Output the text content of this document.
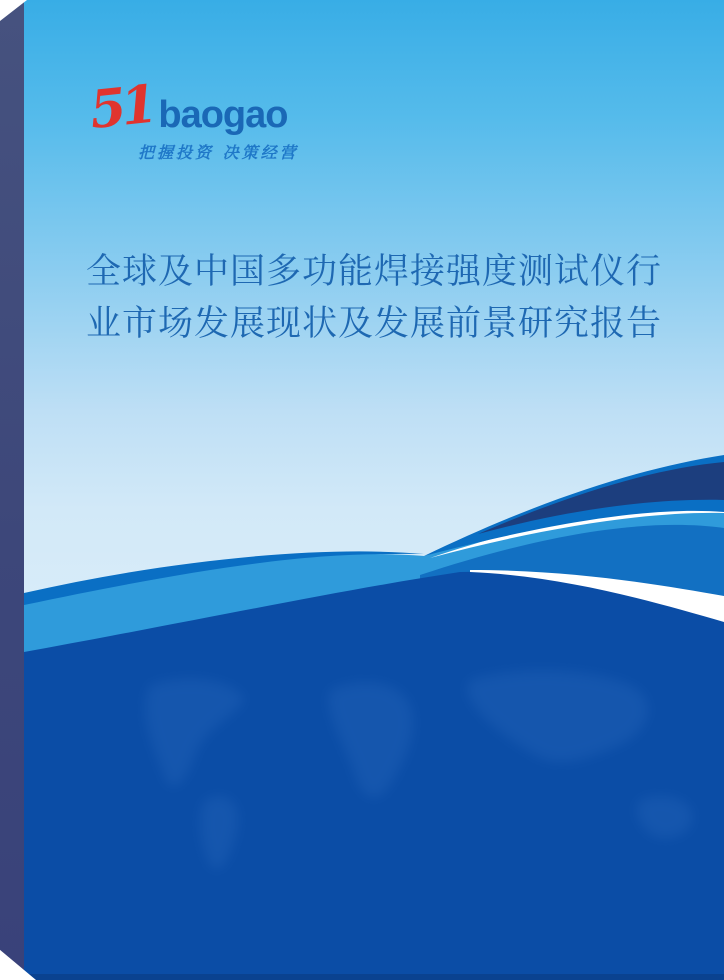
51 baogao
把握投资 决策经营
全球及中国多功能焊接强度测试仪行
业市场发展现状及发展前景研究报告
